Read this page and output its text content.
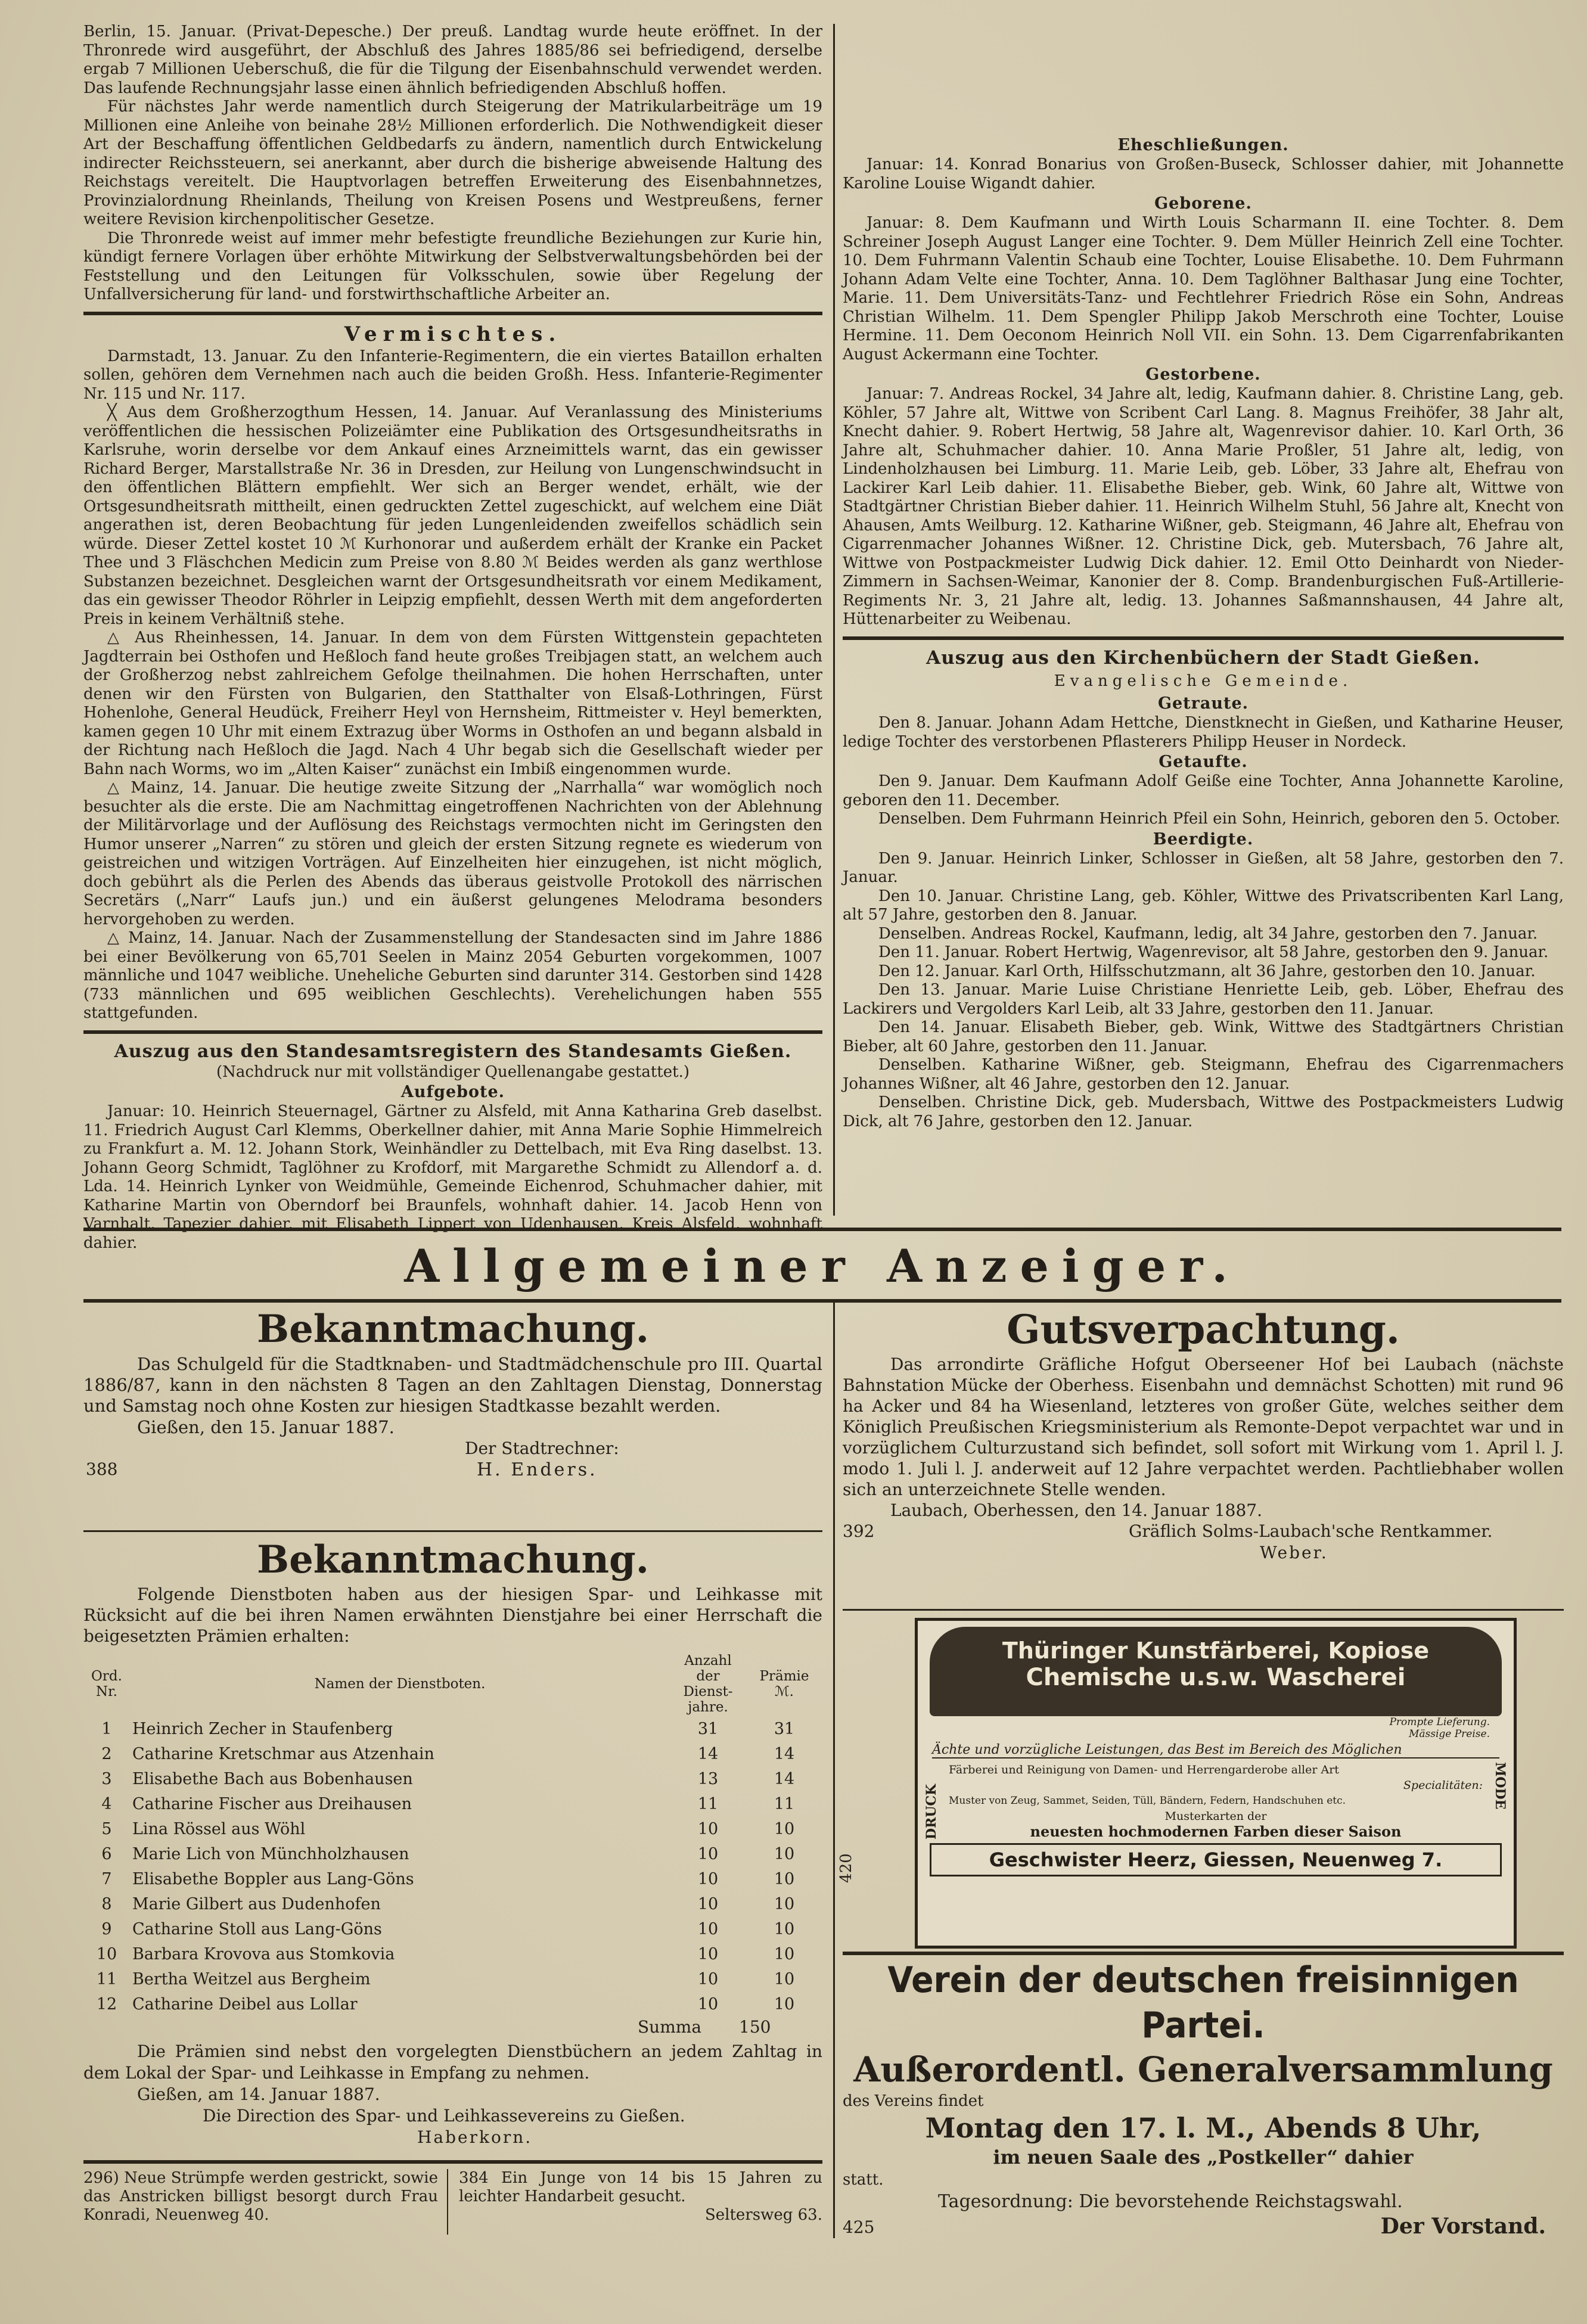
Berlin, 15. Januar. (Privat-Depesche.) Der preuß. Landtag wurde heute eröffnet. In der Thronrede wird ausgeführt, der Abschluß des Jahres 1885/86 sei befriedigend, derselbe ergab 7 Millionen Ueberschuß, die für die Tilgung der Eisenbahnschuld verwendet werden. Das laufende Rechnungsjahr lasse einen ähnlich befriedigenden Abschluß hoffen.

Für nächstes Jahr werde namentlich durch Steigerung der Matrikularbeiträge um 19 Millionen eine Anleihe von beinahe 28½ Millionen erforderlich. Die Nothwendigkeit dieser Art der Beschaffung öffentlichen Geldbedarfs zu ändern, namentlich durch Entwickelung indirecter Reichssteuern, sei anerkannt, aber durch die bisherige abweisende Haltung des Reichstags vereitelt. Die Hauptvorlagen betreffen Erweiterung des Eisenbahnnetzes, Provinzialordnung Rheinlands, Theilung von Kreisen Posens und Westpreußens, ferner weitere Revision kirchenpolitischer Gesetze.

Die Thronrede weist auf immer mehr befestigte freundliche Beziehungen zur Kurie hin, kündigt fernere Vorlagen über erhöhte Mitwirkung der Selbstverwaltungsbehörden bei der Feststellung und den Leitungen für Volksschulen, sowie über Regelung der Unfallversicherung für land- und forstwirthschaftliche Arbeiter an.

Vermischtes.

Darmstadt, 13. Januar. Zu den Infanterie-Regimentern, die ein viertes Bataillon erhalten sollen, gehören dem Vernehmen nach auch die beiden Großh. Hess. Infanterie-Regimenter Nr. 115 und Nr. 117.

╳ Aus dem Großherzogthum Hessen, 14. Januar. Auf Veranlassung des Ministeriums veröffentlichen die hessischen Polizeiämter eine Publikation des Ortsgesundheitsraths in Karlsruhe, worin derselbe vor dem Ankauf eines Arzneimittels warnt, das ein gewisser Richard Berger, Marstallstraße Nr. 36 in Dresden, zur Heilung von Lungenschwindsucht in den öffentlichen Blättern empfiehlt. Wer sich an Berger wendet, erhält, wie der Ortsgesundheitsrath mittheilt, einen gedruckten Zettel zugeschickt, auf welchem eine Diät angerathen ist, deren Beobachtung für jeden Lungenleidenden zweifellos schädlich sein würde. Dieser Zettel kostet 10 ℳ Kurhonorar und außerdem erhält der Kranke ein Packet Thee und 3 Fläschchen Medicin zum Preise von 8.80 ℳ Beides werden als ganz werthlose Substanzen bezeichnet. Desgleichen warnt der Ortsgesundheitsrath vor einem Medikament, das ein gewisser Theodor Röhrler in Leipzig empfiehlt, dessen Werth mit dem angeforderten Preis in keinem Verhältniß stehe.

△ Aus Rheinhessen, 14. Januar. In dem von dem Fürsten Wittgenstein gepachteten Jagdterrain bei Osthofen und Heßloch fand heute großes Treibjagen statt, an welchem auch der Großherzog nebst zahlreichem Gefolge theilnahmen. Die hohen Herrschaften, unter denen wir den Fürsten von Bulgarien, den Statthalter von Elsaß-Lothringen, Fürst Hohenlohe, General Heudück, Freiherr Heyl von Hernsheim, Rittmeister v. Heyl bemerkten, kamen gegen 10 Uhr mit einem Extrazug über Worms in Osthofen an und begann alsbald in der Richtung nach Heßloch die Jagd. Nach 4 Uhr begab sich die Gesellschaft wieder per Bahn nach Worms, wo im „Alten Kaiser“ zunächst ein Imbiß eingenommen wurde.

△ Mainz, 14. Januar. Die heutige zweite Sitzung der „Narrhalla“ war womöglich noch besuchter als die erste. Die am Nachmittag eingetroffenen Nachrichten von der Ablehnung der Militärvorlage und der Auflösung des Reichstags vermochten nicht im Geringsten den Humor unserer „Narren“ zu stören und gleich der ersten Sitzung regnete es wiederum von geistreichen und witzigen Vorträgen. Auf Einzelheiten hier einzugehen, ist nicht möglich, doch gebührt als die Perlen des Abends das überaus geistvolle Protokoll des närrischen Secretärs („Narr“ Laufs jun.) und ein äußerst gelungenes Melodrama besonders hervorgehoben zu werden.

△ Mainz, 14. Januar. Nach der Zusammenstellung der Standesacten sind im Jahre 1886 bei einer Bevölkerung von 65,701 Seelen in Mainz 2054 Geburten vorgekommen, 1007 männliche und 1047 weibliche. Uneheliche Geburten sind darunter 314. Gestorben sind 1428 (733 männlichen und 695 weiblichen Geschlechts). Verehelichungen haben 555 stattgefunden.

Auszug aus den Standesamtsregistern des Standesamts Gießen.
(Nachdruck nur mit vollständiger Quellenangabe gestattet.)
Aufgebote.

Januar: 10. Heinrich Steuernagel, Gärtner zu Alsfeld, mit Anna Katharina Greb daselbst. 11. Friedrich August Carl Klemms, Oberkellner dahier, mit Anna Marie Sophie Himmelreich zu Frankfurt a. M. 12. Johann Stork, Weinhändler zu Dettelbach, mit Eva Ring daselbst. 13. Johann Georg Schmidt, Taglöhner zu Krofdorf, mit Margarethe Schmidt zu Allendorf a. d. Lda. 14. Heinrich Lynker von Weidmühle, Gemeinde Eichenrod, Schuhmacher dahier, mit Katharine Martin von Oberndorf bei Braunfels, wohnhaft dahier. 14. Jacob Henn von Varnhalt, Tapezier dahier, mit Elisabeth Lippert von Udenhausen, Kreis Alsfeld, wohnhaft dahier.

Eheschließungen.

Januar: 14. Konrad Bonarius von Großen-Buseck, Schlosser dahier, mit Johannette Karoline Louise Wigandt dahier.

Geborene.

Januar: 8. Dem Kaufmann und Wirth Louis Scharmann II. eine Tochter. 8. Dem Schreiner Joseph August Langer eine Tochter. 9. Dem Müller Heinrich Zell eine Tochter. 10. Dem Fuhrmann Valentin Schaub eine Tochter, Louise Elisabethe. 10. Dem Fuhrmann Johann Adam Velte eine Tochter, Anna. 10. Dem Taglöhner Balthasar Jung eine Tochter, Marie. 11. Dem Universitäts-Tanz- und Fechtlehrer Friedrich Röse ein Sohn, Andreas Christian Wilhelm. 11. Dem Spengler Philipp Jakob Merschroth eine Tochter, Louise Hermine. 11. Dem Oeconom Heinrich Noll VII. ein Sohn. 13. Dem Cigarrenfabrikanten August Ackermann eine Tochter.

Gestorbene.

Januar: 7. Andreas Rockel, 34 Jahre alt, ledig, Kaufmann dahier. 8. Christine Lang, geb. Köhler, 57 Jahre alt, Wittwe von Scribent Carl Lang. 8. Magnus Freihöfer, 38 Jahr alt, Knecht dahier. 9. Robert Hertwig, 58 Jahre alt, Wagenrevisor dahier. 10. Karl Orth, 36 Jahre alt, Schuhmacher dahier. 10. Anna Marie Proßler, 51 Jahre alt, ledig, von Lindenholzhausen bei Limburg. 11. Marie Leib, geb. Löber, 33 Jahre alt, Ehefrau von Lackirer Karl Leib dahier. 11. Elisabethe Bieber, geb. Wink, 60 Jahre alt, Wittwe von Stadtgärtner Christian Bieber dahier. 11. Heinrich Wilhelm Stuhl, 56 Jahre alt, Knecht von Ahausen, Amts Weilburg. 12. Katharine Wißner, geb. Steigmann, 46 Jahre alt, Ehefrau von Cigarrenmacher Johannes Wißner. 12. Christine Dick, geb. Mutersbach, 76 Jahre alt, Wittwe von Postpackmeister Ludwig Dick dahier. 12. Emil Otto Deinhardt von Nieder-Zimmern in Sachsen-Weimar, Kanonier der 8. Comp. Brandenburgischen Fuß-Artillerie-Regiments Nr. 3, 21 Jahre alt, ledig. 13. Johannes Saßmannshausen, 44 Jahre alt, Hüttenarbeiter zu Weibenau.

Auszug aus den Kirchenbüchern der Stadt Gießen.
Evangelische Gemeinde.
Getraute.

Den 8. Januar. Johann Adam Hettche, Dienstknecht in Gießen, und Katharine Heuser, ledige Tochter des verstorbenen Pflasterers Philipp Heuser in Nordeck.

Getaufte.

Den 9. Januar. Dem Kaufmann Adolf Geiße eine Tochter, Anna Johannette Karoline, geboren den 11. December.

Denselben. Dem Fuhrmann Heinrich Pfeil ein Sohn, Heinrich, geboren den 5. October.

Beerdigte.

Den 9. Januar. Heinrich Linker, Schlosser in Gießen, alt 58 Jahre, gestorben den 7. Januar.

Den 10. Januar. Christine Lang, geb. Köhler, Wittwe des Privatscribenten Karl Lang, alt 57 Jahre, gestorben den 8. Januar.

Denselben. Andreas Rockel, Kaufmann, ledig, alt 34 Jahre, gestorben den 7. Januar.

Den 11. Januar. Robert Hertwig, Wagenrevisor, alt 58 Jahre, gestorben den 9. Januar.

Den 12. Januar. Karl Orth, Hilfsschutzmann, alt 36 Jahre, gestorben den 10. Januar.

Den 13. Januar. Marie Luise Christiane Henriette Leib, geb. Löber, Ehefrau des Lackirers und Vergolders Karl Leib, alt 33 Jahre, gestorben den 11. Januar.

Den 14. Januar. Elisabeth Bieber, geb. Wink, Wittwe des Stadtgärtners Christian Bieber, alt 60 Jahre, gestorben den 11. Januar.

Denselben. Katharine Wißner, geb. Steigmann, Ehefrau des Cigarrenmachers Johannes Wißner, alt 46 Jahre, gestorben den 12. Januar.

Denselben. Christine Dick, geb. Mudersbach, Wittwe des Postpackmeisters Ludwig Dick, alt 76 Jahre, gestorben den 12. Januar.

Allgemeiner Anzeiger.
Bekanntmachung.

Das Schulgeld für die Stadtknaben- und Stadtmädchenschule pro III. Quartal 1886/87, kann in den nächsten 8 Tagen an den Zahltagen Dienstag, Donnerstag und Samstag noch ohne Kosten zur hiesigen Stadtkasse bezahlt werden.

Gießen, den 15. Januar 1887.
Der Stadtrechner:
388	H. Enders.
Bekanntmachung.

Folgende Dienstboten haben aus der hiesigen Spar- und Leihkasse mit Rücksicht auf die bei ihren Namen erwähnten Dienstjahre bei einer Herrschaft die beigesetzten Prämien erhalten:

Ord. Nr.	Namen der Dienstboten.	Anzahl der Dienst-jahre.	Prämie ℳ.
1	Heinrich Zecher in Staufenberg	31	31
2	Catharine Kretschmar aus Atzenhain	14	14
3	Elisabethe Bach aus Bobenhausen	13	14
4	Catharine Fischer aus Dreihausen	11	11
5	Lina Rössel aus Wöhl	10	10
6	Marie Lich von Münchholzhausen	10	10
7	Elisabethe Boppler aus Lang-Göns	10	10
8	Marie Gilbert aus Dudenhofen	10	10
9	Catharine Stoll aus Lang-Göns	10	10
10	Barbara Krovova aus Stomkovia	10	10
11	Bertha Weitzel aus Bergheim	10	10
12	Catharine Deibel aus Lollar	10	10
Summa 150

Die Prämien sind nebst den vorgelegten Dienstbüchern an jedem Zahltag in dem Lokal der Spar- und Leihkasse in Empfang zu nehmen.

Gießen, am 14. Januar 1887.
Die Direction des Spar- und Leihkassevereins zu Gießen.
Haberkorn.

296) Neue Strümpfe werden gestrickt, sowie das Anstricken billigst besorgt durch Frau Konradi, Neuenweg 40.

384 Ein Junge von 14 bis 15 Jahren zu leichter Handarbeit gesucht.

Seltersweg 63.
Gutsverpachtung.

Das arrondirte Gräfliche Hofgut Oberseener Hof bei Laubach (nächste Bahnstation Mücke der Oberhess. Eisenbahn und demnächst Schotten) mit rund 96 ha Acker und 84 ha Wiesenland, letzteres von großer Güte, welches seither dem Königlich Preußischen Kriegsministerium als Remonte-Depot verpachtet war und in vorzüglichem Culturzustand sich befindet, soll sofort mit Wirkung vom 1. April l. J. modo 1. Juli l. J. anderweit auf 12 Jahre verpachtet werden. Pachtliebhaber wollen sich an unterzeichnete Stelle wenden.

Laubach, Oberhessen, den 14. Januar 1887.
392	Gräflich Solms-Laubach'sche Rentkammer.
Weber.
420
Thüringer Kunstfärberei, Kopiose
Chemische u.s.w. Wascherei
Prompte Lieferung.
Mässige Preise.
Ächte und vorzügliche Leistungen, das Best im Bereich des Möglichen
DRUCK
Färberei und Reinigung von Damen- und Herrengarderobe aller Art
Specialitäten:
Muster von Zeug, Sammet, Seiden, Tüll, Bändern, Federn, Handschuhen etc.
Musterkarten der
neuesten hochmodernen Farben dieser Saison
MODE
Geschwister Heerz, Giessen, Neuenweg 7.
Verein der deutschen freisinnigen Partei.
Außerordentl. Generalversammlung
des Vereins findet
Montag den 17. l. M., Abends 8 Uhr,
im neuen Saale des „Postkeller“ dahier
statt.
Tagesordnung: Die bevorstehende Reichstagswahl.
425	Der Vorstand.
